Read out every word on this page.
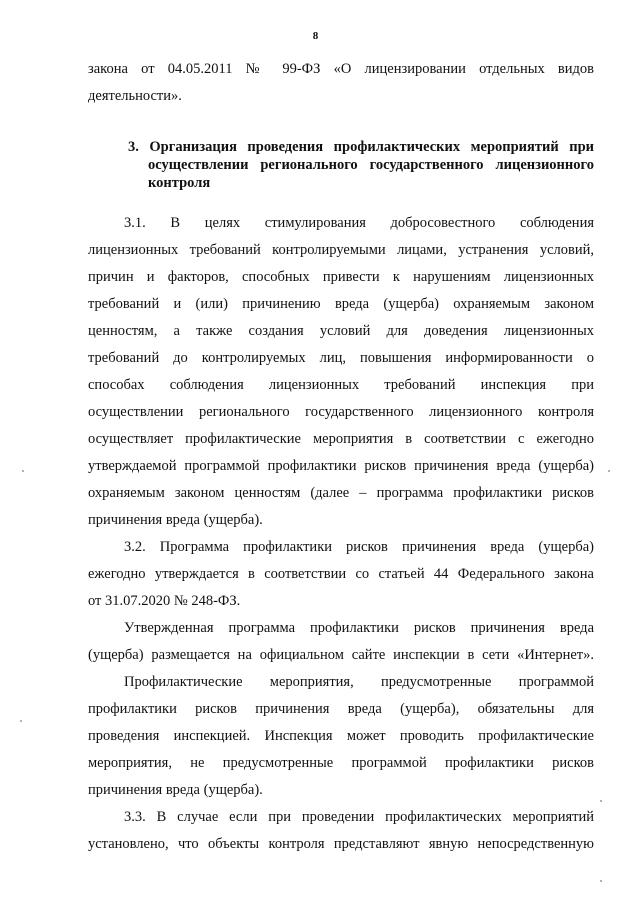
8
закона от 04.05.2011 № 99-ФЗ «О лицензировании отдельных видов
деятельности».
3. Организация проведения профилактических мероприятий при
осуществлении регионального государственного лицензионного
контроля
3.1. В целях стимулирования добросовестного соблюдения
лицензионных требований контролируемыми лицами, устранения условий,
причин и факторов, способных привести к нарушениям лицензионных
требований и (или) причинению вреда (ущерба) охраняемым законом
ценностям, а также создания условий для доведения лицензионных
требований до контролируемых лиц, повышения информированности о
способах соблюдения лицензионных требований инспекция при
осуществлении регионального государственного лицензионного контроля
осуществляет профилактические мероприятия в соответствии с ежегодно
утверждаемой программой профилактики рисков причинения вреда (ущерба)
охраняемым законом ценностям (далее – программа профилактики рисков
причинения вреда (ущерба).
3.2. Программа профилактики рисков причинения вреда (ущерба)
ежегодно утверждается в соответствии со статьей 44 Федерального закона
от 31.07.2020 № 248-ФЗ.
Утвержденная программа профилактики рисков причинения вреда
(ущерба) размещается на официальном сайте инспекции в сети «Интернет».
Профилактические мероприятия, предусмотренные программой
профилактики рисков причинения вреда (ущерба), обязательны для
проведения инспекцией. Инспекция может проводить профилактические
мероприятия, не предусмотренные программой профилактики рисков
причинения вреда (ущерба).
3.3. В случае если при проведении профилактических мероприятий
установлено, что объекты контроля представляют явную непосредственную
